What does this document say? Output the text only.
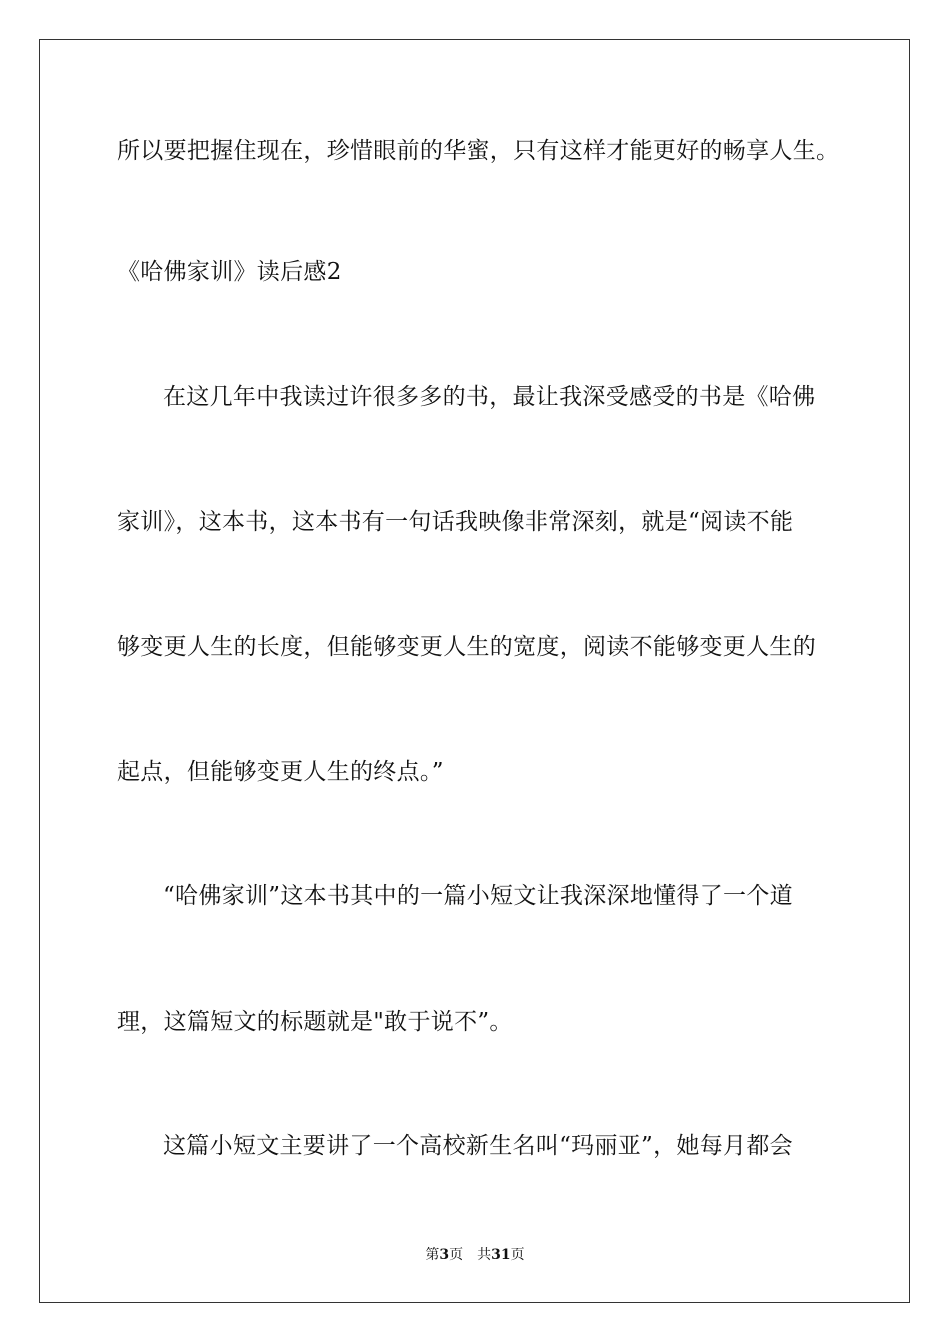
所以要把握住现在，珍惜眼前的华蜜，只有这样才能更好的畅享人生。
《哈佛家训》读后感2
在这几年中我读过许很多多的书，最让我深受感受的书是《哈佛
家训》，这本书，这本书有一句话我映像非常深刻，就是“阅读不能
够变更人生的长度，但能够变更人生的宽度，阅读不能够变更人生的
起点，但能够变更人生的终点。”
“哈佛家训”这本书其中的一篇小短文让我深深地懂得了一个道
理，这篇短文的标题就是"敢于说不”。
这篇小短文主要讲了一个高校新生名叫“玛丽亚”，她每月都会
第3页 共31页
